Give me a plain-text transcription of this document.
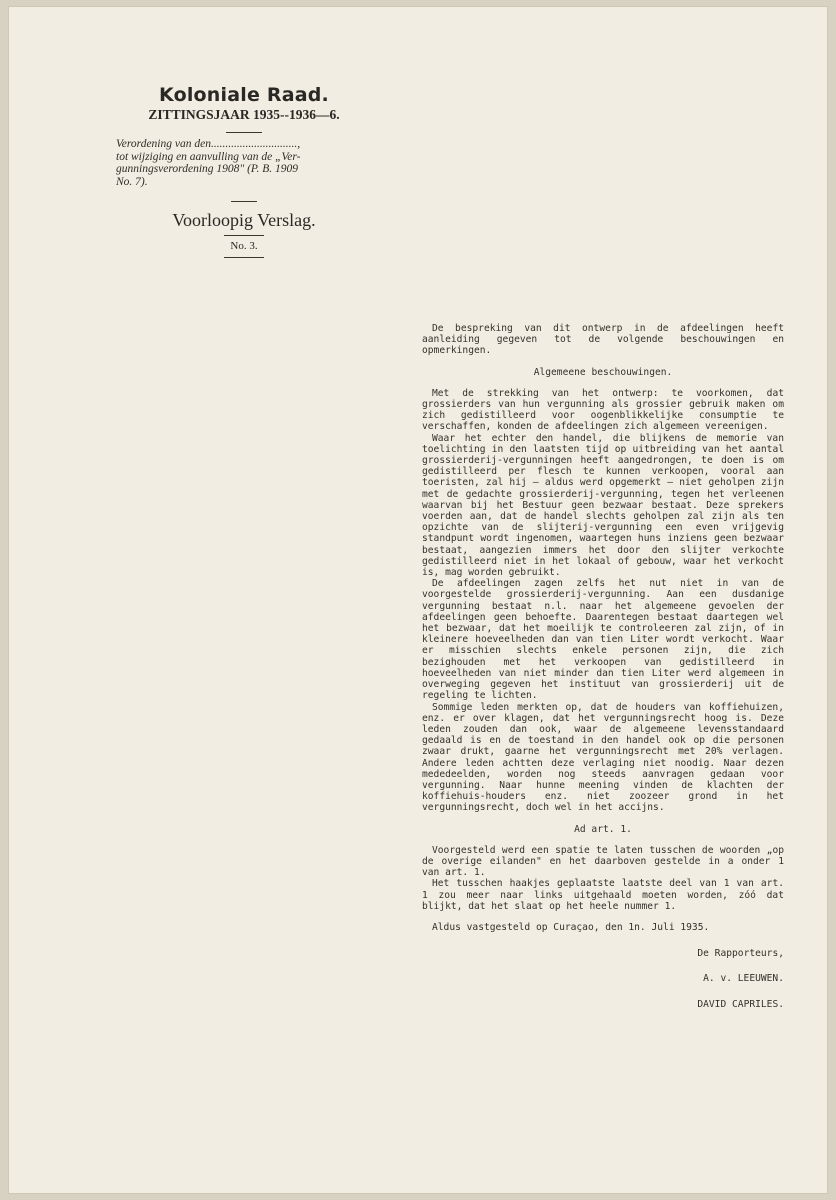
Koloniale Raad.

ZITTINGSJAAR 1935--1936—6.

Verordening van den..............................,
tot wijziging en aanvulling van de „Ver-
gunningsverordening 1908" (P. B. 1909
No. 7).

Voorloopig Verslag.

No. 3.

De bespreking van dit ontwerp in de afdeelingen heeft aanleiding gegeven tot de volgende beschouwingen en opmerkingen.

Algemeene beschouwingen.

Met de strekking van het ontwerp: te voorkomen, dat grossierders van hun vergunning als grossier gebruik maken om zich gedistilleerd voor oogenblikkelijke consumptie te verschaffen, konden de afdeelingen zich algemeen vereenigen.

Waar het echter den handel, die blijkens de memorie van toelichting in den laatsten tijd op uitbreiding van het aantal grossierderij-vergunningen heeft aangedrongen, te doen is om gedistilleerd per flesch te kunnen verkoopen, vooral aan toeristen, zal hij — aldus werd opgemerkt — niet geholpen zijn met de gedachte grossierderij-vergunning, tegen het verleenen waarvan bij het Bestuur geen bezwaar bestaat. Deze sprekers voerden aan, dat de handel slechts geholpen zal zijn als ten opzichte van de slijterij-vergunning een even vrijgevig standpunt wordt ingenomen, waartegen huns inziens geen bezwaar bestaat, aangezien immers het door den slijter verkochte gedistilleerd niet in het lokaal of gebouw, waar het verkocht is, mag worden gebruikt.

De afdeelingen zagen zelfs het nut niet in van de voorgestelde grossierderij-vergunning. Aan een dusdanige vergunning bestaat n.l. naar het algemeene gevoelen der afdeelingen geen behoefte. Daarentegen bestaat daartegen wel het bezwaar, dat het moeilijk te controleeren zal zijn, of in kleinere hoeveelheden dan van tien Liter wordt verkocht. Waar er misschien slechts enkele personen zijn, die zich bezighouden met het verkoopen van gedistilleerd in hoeveelheden van niet minder dan tien Liter werd algemeen in overweging gegeven het instituut van grossierderij uit de regeling te lichten.

Sommige leden merkten op, dat de houders van koffiehuizen, enz. er over klagen, dat het vergunningsrecht hoog is. Deze leden zouden dan ook, waar de algemeene levensstandaard gedaald is en de toestand in den handel ook op die personen zwaar drukt, gaarne het vergunningsrecht met 20% verlagen. Andere leden achtten deze verlaging niet noodig. Naar dezen mededeelden, worden nog steeds aanvragen gedaan voor vergunning. Naar hunne meening vinden de klachten der koffiehuis-houders enz. niet zoozeer grond in het vergunningsrecht, doch wel in het accijns.

Ad art. 1.

Voorgesteld werd een spatie te laten tusschen de woorden „op de overige eilanden" en het daarboven gestelde in a onder 1 van art. 1.

Het tusschen haakjes geplaatste laatste deel van 1 van art. 1 zou meer naar links uitgehaald moeten worden, zóó dat blijkt, dat het slaat op het heele nummer 1.

Aldus vastgesteld op Curaçao, den 1n. Juli 1935.

De Rapporteurs,

A. v. LEEUWEN.

DAVID CAPRILES.
